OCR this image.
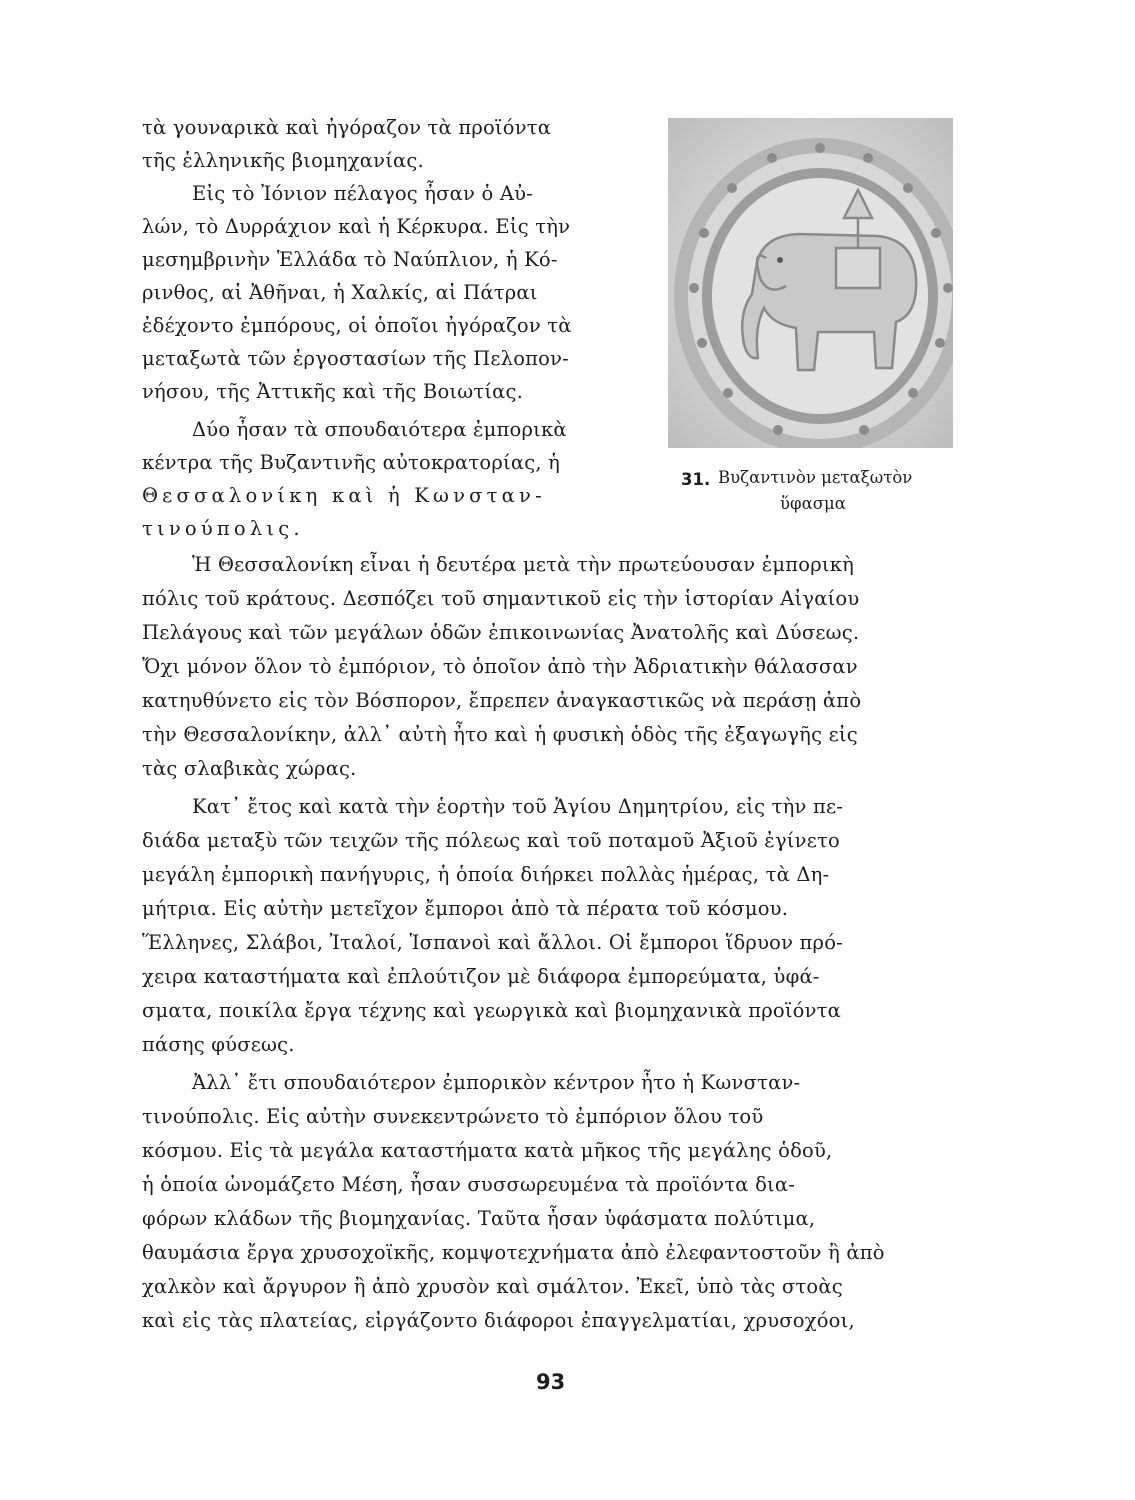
31. Βυζαντινὸν μεταξωτὸν
ὕφασμα
τὰ γουναρικὰ καὶ ἠγόραζον τὰ προϊόντα
τῆς ἑλληνικῆς βιομηχανίας.
Εἰς τὸ Ἰόνιον πέλαγος ἦσαν ὁ Αὐ-
λών, τὸ Δυρράχιον καὶ ἡ Κέρκυρα. Εἰς τὴν
μεσημβρινὴν Ἑλλάδα τὸ Ναύπλιον, ἡ Κό-
ρινθος, αἱ Ἀθῆναι, ἡ Χαλκίς, αἱ Πάτραι
ἐδέχοντο ἐμπόρους, οἱ ὁποῖοι ἠγόραζον τὰ
μεταξωτὰ τῶν ἐργοστασίων τῆς Πελοπον-
νήσου, τῆς Ἀττικῆς καὶ τῆς Βοιωτίας.
Δύο ἦσαν τὰ σπουδαιότερα ἐμπορικὰ
κέντρα τῆς Βυζαντινῆς αὐτοκρατορίας, ἡ
Θεσσαλονίκη καὶ ἡ Κωνσταν-
τινούπολις.
Ἡ Θεσσαλονίκη εἶναι ἡ δευτέρα μετὰ τὴν πρωτεύουσαν ἐμπορικὴ
πόλις τοῦ κράτους. Δεσπόζει τοῦ σημαντικοῦ εἰς τὴν ἱστορίαν Αἰγαίου
Πελάγους καὶ τῶν μεγάλων ὁδῶν ἐπικοινωνίας Ἀνατολῆς καὶ Δύσεως.
Ὄχι μόνον ὅλον τὸ ἐμπόριον, τὸ ὁποῖον ἀπὸ τὴν Ἀδριατικὴν θάλασσαν
κατηυθύνετο εἰς τὸν Βόσπορον, ἔπρεπεν ἀναγκαστικῶς νὰ περάσῃ ἀπὸ
τὴν Θεσσαλονίκην, ἀλλ᾿ αὐτὴ ἦτο καὶ ἡ φυσικὴ ὁδὸς τῆς ἐξαγωγῆς εἰς
τὰς σλαβικὰς χώρας.
Κατ᾿ ἔτος καὶ κατὰ τὴν ἑορτὴν τοῦ Ἁγίου Δημητρίου, εἰς τὴν πε-
διάδα μεταξὺ τῶν τειχῶν τῆς πόλεως καὶ τοῦ ποταμοῦ Ἀξιοῦ ἐγίνετο
μεγάλη ἐμπορικὴ πανήγυρις, ἡ ὁποία διήρκει πολλὰς ἡμέρας, τὰ Δη-
μήτρια. Εἰς αὐτὴν μετεῖχον ἔμποροι ἀπὸ τὰ πέρατα τοῦ κόσμου.
Ἕλληνες, Σλάβοι, Ἰταλοί, Ἱσπανοὶ καὶ ἄλλοι. Οἱ ἔμποροι ἵδρυον πρό-
χειρα καταστήματα καὶ ἐπλούτιζον μὲ διάφορα ἐμπορεύματα, ὑφά-
σματα, ποικίλα ἔργα τέχνης καὶ γεωργικὰ καὶ βιομηχανικὰ προϊόντα
πάσης φύσεως.
Ἀλλ᾿ ἔτι σπουδαιότερον ἐμπορικὸν κέντρον ἦτο ἡ Κωνσταν-
τινούπολις. Εἰς αὐτὴν συνεκεντρώνετο τὸ ἐμπόριον ὅλου τοῦ
κόσμου. Εἰς τὰ μεγάλα καταστήματα κατὰ μῆκος τῆς μεγάλης ὁδοῦ,
ἡ ὁποία ὠνομάζετο Μέση, ἦσαν συσσωρευμένα τὰ προϊόντα δια-
φόρων κλάδων τῆς βιομηχανίας. Ταῦτα ἦσαν ὑφάσματα πολύτιμα,
θαυμάσια ἔργα χρυσοχοϊκῆς, κομψοτεχνήματα ἀπὸ ἐλεφαντοστοῦν ἢ ἀπὸ
χαλκὸν καὶ ἄργυρον ἢ ἀπὸ χρυσὸν καὶ σμάλτον. Ἐκεῖ, ὑπὸ τὰς στοὰς
καὶ εἰς τὰς πλατείας, εἰργάζοντο διάφοροι ἐπαγγελματίαι, χρυσοχόοι,
93
